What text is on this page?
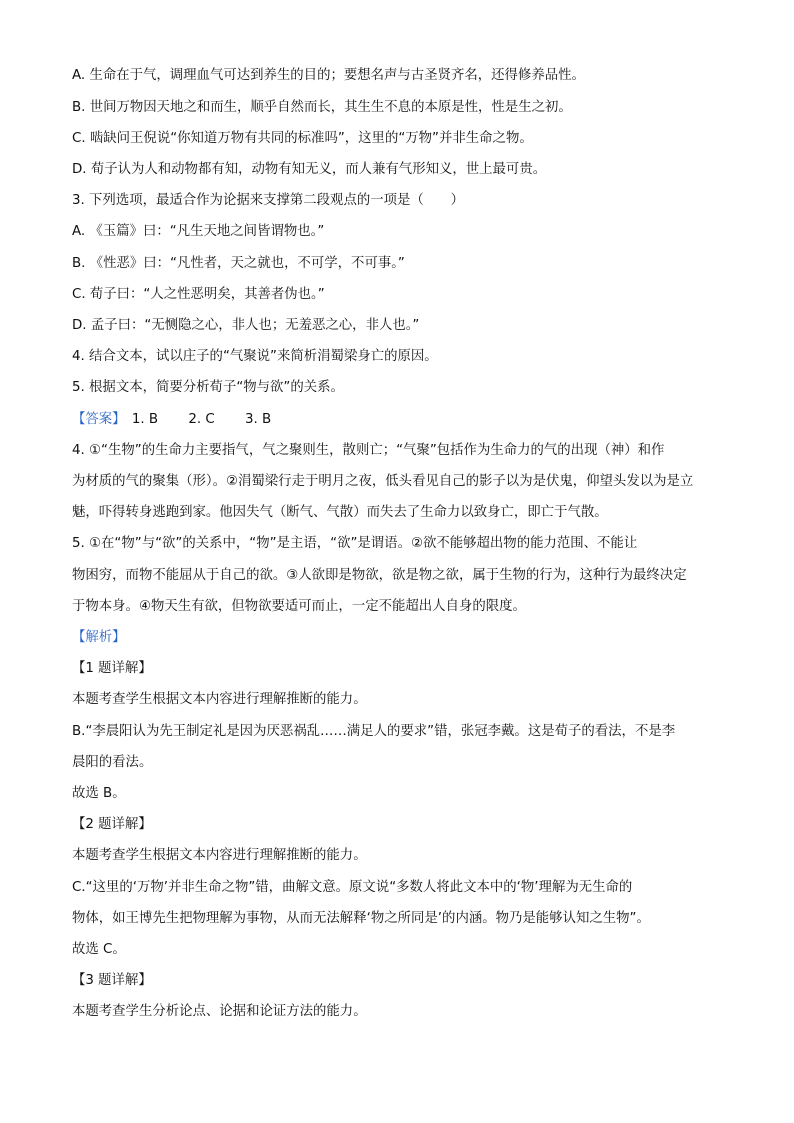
A. 生命在于气，调理血气可达到养生的目的；要想名声与古圣贤齐名，还得修养品性。
B. 世间万物因天地之和而生，顺乎自然而长，其生生不息的本原是性，性是生之初。
C. 啮缺问王倪说“你知道万物有共同的标准吗”，这里的“万物”并非生命之物。
D. 荀子认为人和动物都有知，动物有知无义，而人兼有气形知义，世上最可贵。
3. 下列选项，最适合作为论据来支撑第二段观点的一项是（　　）
A. 《玉篇》曰：“凡生天地之间皆谓物也。”
B. 《性恶》曰：“凡性者，天之就也，不可学，不可事。”
C. 荀子曰：“人之性恶明矣，其善者伪也。”
D. 孟子曰：“无恻隐之心，非人也；无羞恶之心，非人也。”
4. 结合文本，试以庄子的“气聚说”来简析涓蜀梁身亡的原因。
5. 根据文本，简要分析荀子“物与欲”的关系。
【答案】 1. B 2. C 3. B
4. ①“生物”的生命力主要指气，气之聚则生，散则亡；“气聚”包括作为生命力的气的出现（神）和作
为材质的气的聚集（形）。②涓蜀梁行走于明月之夜，低头看见自己的影子以为是伏鬼，仰望头发以为是立
魅，吓得转身逃跑到家。他因失气（断气、气散）而失去了生命力以致身亡，即亡于气散。
5. ①在“物”与“欲”的关系中，“物”是主语，“欲”是谓语。②欲不能够超出物的能力范围、不能让
物困穷，而物不能屈从于自己的欲。③人欲即是物欲，欲是物之欲，属于生物的行为，这种行为最终决定
于物本身。④物天生有欲，但物欲要适可而止，一定不能超出人自身的限度。
【解析】
【1 题详解】
本题考查学生根据文本内容进行理解推断的能力。
B.“李晨阳认为先王制定礼是因为厌恶祸乱……满足人的要求”错，张冠李戴。这是荀子的看法，不是李
晨阳的看法。
故选 B。
【2 题详解】
本题考查学生根据文本内容进行理解推断的能力。
C.“这里的‘万物’并非生命之物”错，曲解文意。原文说“多数人将此文本中的‘物’理解为无生命的
物体，如王博先生把物理解为事物，从而无法解释‘物之所同是’的内涵。物乃是能够认知之生物”。
故选 C。
【3 题详解】
本题考查学生分析论点、论据和论证方法的能力。
